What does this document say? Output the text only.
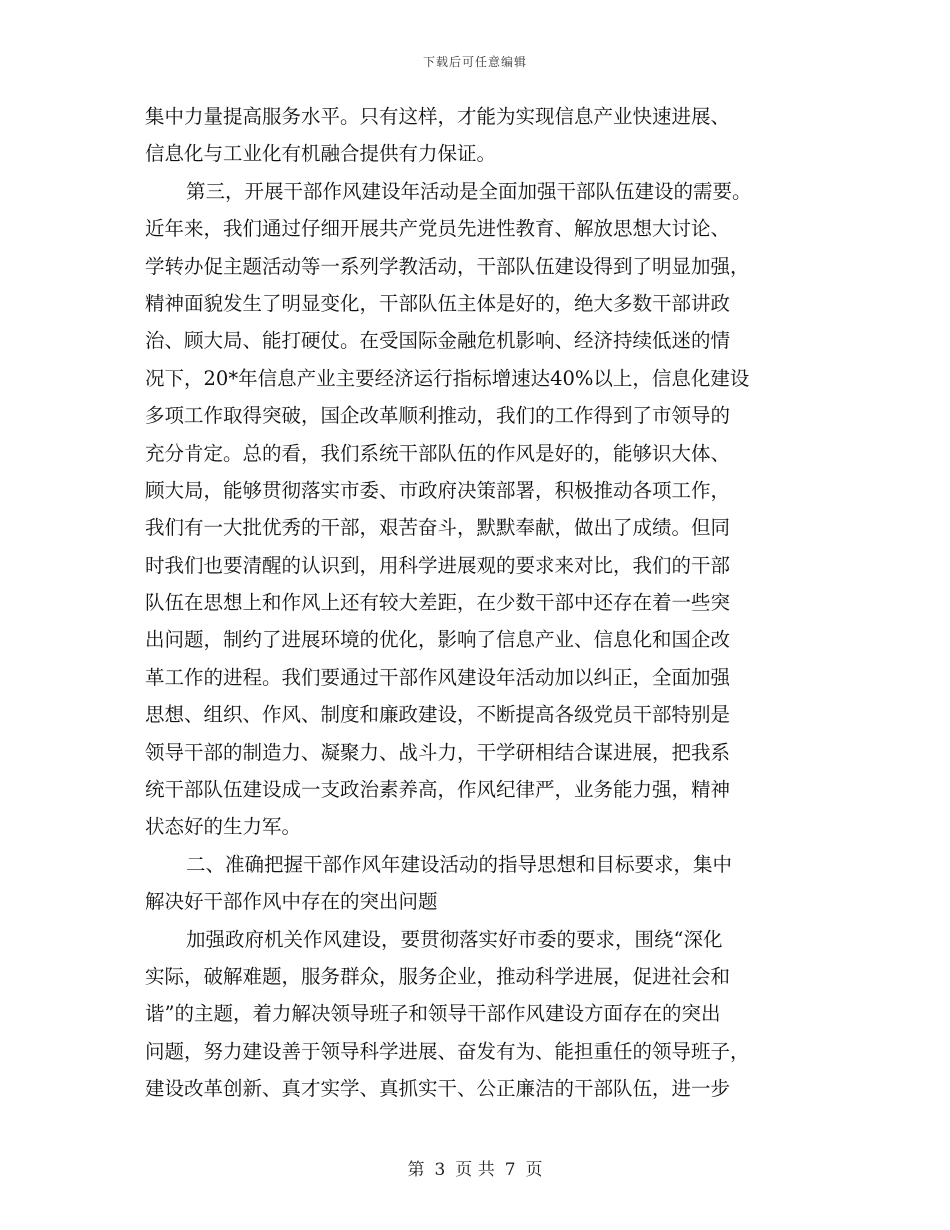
下载后可任意编辑
集中力量提高服务水平。只有这样，才能为实现信息产业快速进展、
信息化与工业化有机融合提供有力保证。
第三，开展干部作风建设年活动是全面加强干部队伍建设的需要。
近年来，我们通过仔细开展共产党员先进性教育、解放思想大讨论、
学转办促主题活动等一系列学教活动，干部队伍建设得到了明显加强，
精神面貌发生了明显变化，干部队伍主体是好的，绝大多数干部讲政
治、顾大局、能打硬仗。在受国际金融危机影响、经济持续低迷的情
况下，20*年信息产业主要经济运行指标增速达40%以上，信息化建设
多项工作取得突破，国企改革顺利推动，我们的工作得到了市领导的
充分肯定。总的看，我们系统干部队伍的作风是好的，能够识大体、
顾大局，能够贯彻落实市委、市政府决策部署，积极推动各项工作，
我们有一大批优秀的干部，艰苦奋斗，默默奉献，做出了成绩。但同
时我们也要清醒的认识到，用科学进展观的要求来对比，我们的干部
队伍在思想上和作风上还有较大差距，在少数干部中还存在着一些突
出问题，制约了进展环境的优化，影响了信息产业、信息化和国企改
革工作的进程。我们要通过干部作风建设年活动加以纠正，全面加强
思想、组织、作风、制度和廉政建设，不断提高各级党员干部特别是
领导干部的制造力、凝聚力、战斗力，干学研相结合谋进展，把我系
统干部队伍建设成一支政治素养高，作风纪律严，业务能力强，精神
状态好的生力军。
二、准确把握干部作风年建设活动的指导思想和目标要求，集中
解决好干部作风中存在的突出问题
加强政府机关作风建设，要贯彻落实好市委的要求，围绕“深化
实际，破解难题，服务群众，服务企业，推动科学进展，促进社会和
谐”的主题，着力解决领导班子和领导干部作风建设方面存在的突出
问题，努力建设善于领导科学进展、奋发有为、能担重任的领导班子，
建设改革创新、真才实学、真抓实干、公正廉洁的干部队伍，进一步
第 3 页 共 7 页
